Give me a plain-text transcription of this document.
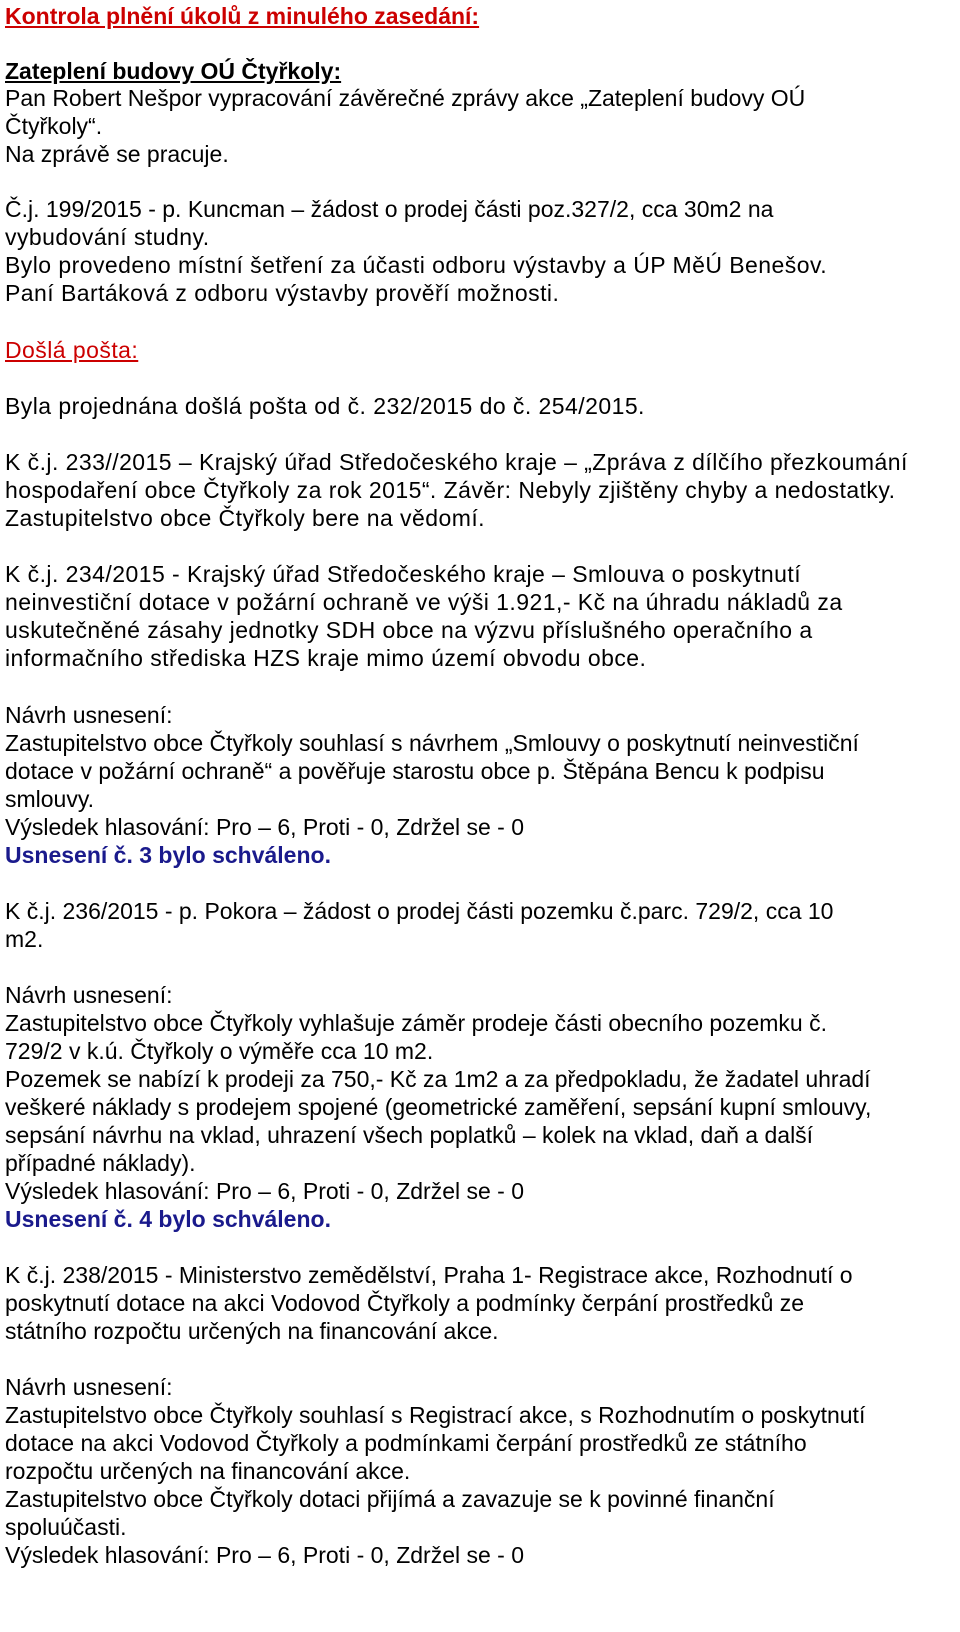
Kontrola plnění úkolů z minulého zasedání:
Zateplení budovy OÚ Čtyřkoly:
Pan Robert Nešpor vypracování závěrečné zprávy akce „Zateplení budovy OÚ
Čtyřkoly“.
Na zprávě se pracuje.
Č.j. 199/2015 - p. Kuncman – žádost o prodej části poz.327/2, cca 30m2 na
vybudování studny.
Bylo provedeno místní šetření za účasti odboru výstavby a ÚP MěÚ Benešov.
Paní Bartáková z odboru výstavby prověří možnosti.
Došlá pošta:
Byla projednána došlá pošta od č. 232/2015 do č. 254/2015.
K č.j. 233//2015 – Krajský úřad Středočeského kraje – „Zpráva z dílčího přezkoumání
hospodaření obce Čtyřkoly za rok 2015“. Závěr: Nebyly zjištěny chyby a nedostatky.
Zastupitelstvo obce Čtyřkoly bere na vědomí.
K č.j. 234/2015 - Krajský úřad Středočeského kraje – Smlouva o poskytnutí
neinvestiční dotace v požární ochraně ve výši 1.921,- Kč na úhradu nákladů za
uskutečněné zásahy jednotky SDH obce na výzvu příslušného operačního a
informačního střediska HZS kraje mimo území obvodu obce.
Návrh usnesení:
Zastupitelstvo obce Čtyřkoly souhlasí s návrhem „Smlouvy o poskytnutí neinvestiční
dotace v požární ochraně“ a pověřuje starostu obce p. Štěpána Bencu k podpisu
smlouvy.
Výsledek hlasování: Pro – 6, Proti - 0, Zdržel se - 0
Usnesení č. 3 bylo schváleno.
K č.j. 236/2015 - p. Pokora – žádost o prodej části pozemku č.parc. 729/2, cca 10
m2.
Návrh usnesení:
Zastupitelstvo obce Čtyřkoly vyhlašuje záměr prodeje části obecního pozemku č.
729/2 v k.ú. Čtyřkoly o výměře cca 10 m2.
Pozemek se nabízí k prodeji za 750,- Kč za 1m2 a za předpokladu, že žadatel uhradí
veškeré náklady s prodejem spojené (geometrické zaměření, sepsání kupní smlouvy,
sepsání návrhu na vklad, uhrazení všech poplatků – kolek na vklad, daň a další
případné náklady).
Výsledek hlasování: Pro – 6, Proti - 0, Zdržel se - 0
Usnesení č. 4 bylo schváleno.
K č.j. 238/2015 - Ministerstvo zemědělství, Praha 1- Registrace akce, Rozhodnutí o
poskytnutí dotace na akci Vodovod Čtyřkoly a podmínky čerpání prostředků ze
státního rozpočtu určených na financování akce.
Návrh usnesení:
Zastupitelstvo obce Čtyřkoly souhlasí s Registrací akce, s Rozhodnutím o poskytnutí
dotace na akci Vodovod Čtyřkoly a podmínkami čerpání prostředků ze státního
rozpočtu určených na financování akce.
Zastupitelstvo obce Čtyřkoly dotaci přijímá a zavazuje se k povinné finanční
spoluúčasti.
Výsledek hlasování: Pro – 6, Proti - 0, Zdržel se - 0
